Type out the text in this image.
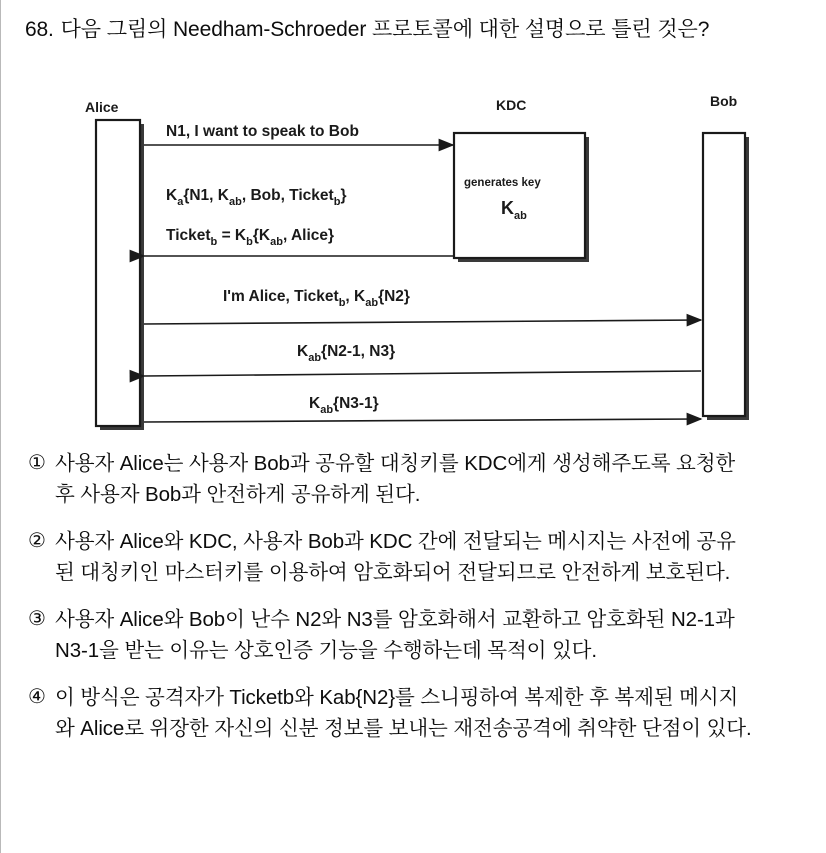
68. 다음 그림의 Needham-Schroeder 프로토콜에 대한 설명으로 틀린 것은?
Alice	KDC
generates key
$K_{ab}$
Bob
N1, I want to speak to Bob
$K_a\{N1$, $K_{ab}$, Bob, Ticket$_b$}
Ticket$_b$ = $K_b\{K_{ab}$, Alice}
I'm Alice, Ticket$_b$, $K_{ab}\{N2\}$
$K_{ab}\{N2-1$, N3}
$K_{ab}\{N3-1\}$
① 사용자 Alice는 사용자 Bob과 공유할 대칭키를 KDC에게 생성해주도록 요청한 후 사용자 Bob과 안전하게 공유하게 된다.
② 사용자 Alice와 KDC, 사용자 Bob과 KDC 간에 전달되는 메시지는 사전에 공유된 대칭키인 마스터키를 이용하여 암호화되어 전달되므로 안전하게 보호된다.
③ 사용자 Alice와 Bob이 난수 N2와 N3를 암호화해서 교환하고 암호화된 N2-1과 N3-1을 받는 이유는 상호인증 기능을 수행하는데 목적이 있다.
④ 이 방식은 공격자가 Ticketb와 Kab{N2}를 스니핑하여 복제한 후 복제된 메시지와 Alice로 위장한 자신의 신분 정보를 보내는 재전송공격에 취약한 단점이 있다.
